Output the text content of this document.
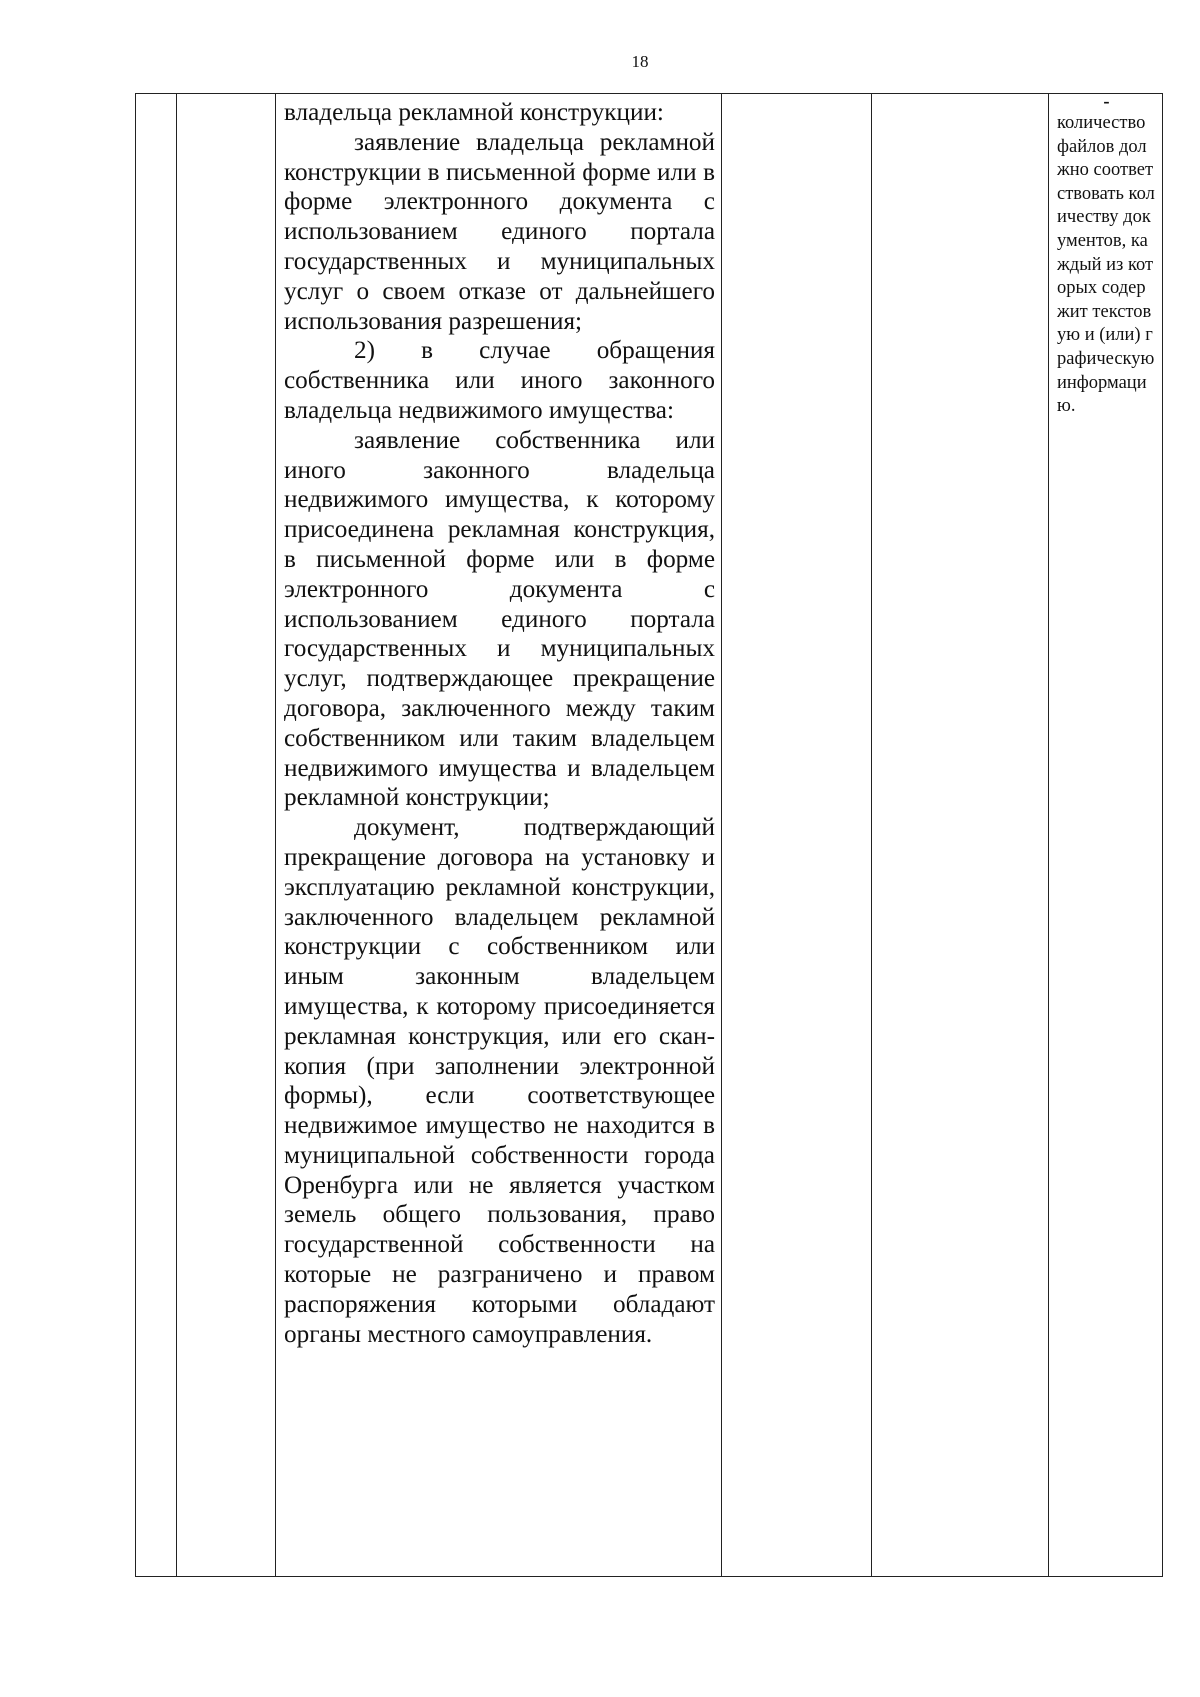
18

владельца рекламной конструкции:

заявление владельца рекламной конструкции в письменной форме или в форме электронного документа с использованием единого портала государственных и муниципальных услуг о своем отказе от дальнейшего использования разрешения;

2) в случае обращения собственника или иного законного владельца недвижимого имущества:

заявление собственника или иного законного владельца недвижимого имущества, к которому присоединена рекламная конструкция, в письменной форме или в форме электронного документа с использованием единого портала государственных и муниципальных услуг, подтверждающее прекращение договора, заключенного между таким собственником или таким владельцем недвижимого имущества и владельцем рекламной конструкции;

документ, подтверждающий прекращение договора на установку и эксплуатацию рекламной конструкции, заключенного владельцем рекламной конструкции с собственником или иным законным владельцем имущества, к которому присоединяется рекламная конструкция, или его скан-копия (при заполнении электронной формы), если соответствующее недвижимое имущество не находится в муниципальной собственности города Оренбурга или не является участком земель общего пользования, право государственной собственности на которые не разграничено и правом распоряжения которыми обладают органы местного самоуправления.

-
количество файлов должно соответствовать количеству документов, каждый из которых содержит текстовую и (или) графическую информацию.
